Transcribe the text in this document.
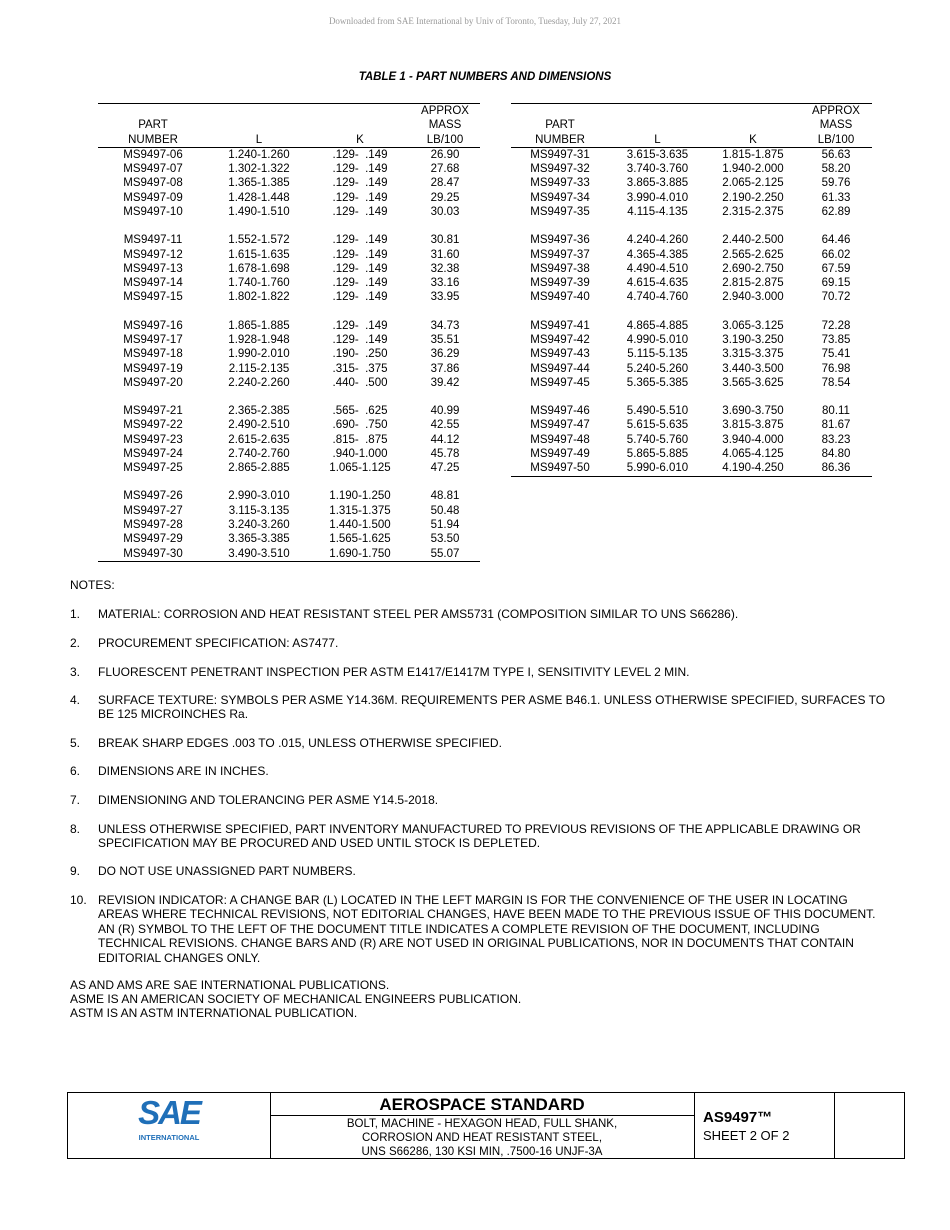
Downloaded from SAE International by Univ of Toronto, Tuesday, July 27, 2021
TABLE 1 - PART NUMBERS AND DIMENSIONS
			APPROX
PART			MASS
NUMBER	L	K	LB/100
MS9497-06	1.240-1.260	.129-  .149	26.90
MS9497-07	1.302-1.322	.129-  .149	27.68
MS9497-08	1.365-1.385	.129-  .149	28.47
MS9497-09	1.428-1.448	.129-  .149	29.25
MS9497-10	1.490-1.510	.129-  .149	30.03
MS9497-11	1.552-1.572	.129-  .149	30.81
MS9497-12	1.615-1.635	.129-  .149	31.60
MS9497-13	1.678-1.698	.129-  .149	32.38
MS9497-14	1.740-1.760	.129-  .149	33.16
MS9497-15	1.802-1.822	.129-  .149	33.95
MS9497-16	1.865-1.885	.129-  .149	34.73
MS9497-17	1.928-1.948	.129-  .149	35.51
MS9497-18	1.990-2.010	.190-  .250	36.29
MS9497-19	2.115-2.135	.315-  .375	37.86
MS9497-20	2.240-2.260	.440-  .500	39.42
MS9497-21	2.365-2.385	.565-  .625	40.99
MS9497-22	2.490-2.510	.690-  .750	42.55
MS9497-23	2.615-2.635	.815-  .875	44.12
MS9497-24	2.740-2.760	.940-1.000	45.78
MS9497-25	2.865-2.885	1.065-1.125	47.25
MS9497-26	2.990-3.010	1.190-1.250	48.81
MS9497-27	3.115-3.135	1.315-1.375	50.48
MS9497-28	3.240-3.260	1.440-1.500	51.94
MS9497-29	3.365-3.385	1.565-1.625	53.50
MS9497-30	3.490-3.510	1.690-1.750	55.07
			APPROX
PART			MASS
NUMBER	L	K	LB/100
MS9497-31	3.615-3.635	1.815-1.875	56.63
MS9497-32	3.740-3.760	1.940-2.000	58.20
MS9497-33	3.865-3.885	2.065-2.125	59.76
MS9497-34	3.990-4.010	2.190-2.250	61.33
MS9497-35	4.115-4.135	2.315-2.375	62.89
MS9497-36	4.240-4.260	2.440-2.500	64.46
MS9497-37	4.365-4.385	2.565-2.625	66.02
MS9497-38	4.490-4.510	2.690-2.750	67.59
MS9497-39	4.615-4.635	2.815-2.875	69.15
MS9497-40	4.740-4.760	2.940-3.000	70.72
MS9497-41	4.865-4.885	3.065-3.125	72.28
MS9497-42	4.990-5.010	3.190-3.250	73.85
MS9497-43	5.115-5.135	3.315-3.375	75.41
MS9497-44	5.240-5.260	3.440-3.500	76.98
MS9497-45	5.365-5.385	3.565-3.625	78.54
MS9497-46	5.490-5.510	3.690-3.750	80.11
MS9497-47	5.615-5.635	3.815-3.875	81.67
MS9497-48	5.740-5.760	3.940-4.000	83.23
MS9497-49	5.865-5.885	4.065-4.125	84.80
MS9497-50	5.990-6.010	4.190-4.250	86.36
NOTES:
1. MATERIAL: CORROSION AND HEAT RESISTANT STEEL PER AMS5731 (COMPOSITION SIMILAR TO UNS S66286).
2. PROCUREMENT SPECIFICATION: AS7477.
3. FLUORESCENT PENETRANT INSPECTION PER ASTM E1417/E1417M TYPE I, SENSITIVITY LEVEL 2 MIN.
4. SURFACE TEXTURE: SYMBOLS PER ASME Y14.36M. REQUIREMENTS PER ASME B46.1. UNLESS OTHERWISE SPECIFIED, SURFACES TO BE 125 MICROINCHES Ra.
5. BREAK SHARP EDGES .003 TO .015, UNLESS OTHERWISE SPECIFIED.
6. DIMENSIONS ARE IN INCHES.
7. DIMENSIONING AND TOLERANCING PER ASME Y14.5-2018.
8. UNLESS OTHERWISE SPECIFIED, PART INVENTORY MANUFACTURED TO PREVIOUS REVISIONS OF THE APPLICABLE DRAWING OR SPECIFICATION MAY BE PROCURED AND USED UNTIL STOCK IS DEPLETED.
9. DO NOT USE UNASSIGNED PART NUMBERS.
10. REVISION INDICATOR: A CHANGE BAR (L) LOCATED IN THE LEFT MARGIN IS FOR THE CONVENIENCE OF THE USER IN LOCATING AREAS WHERE TECHNICAL REVISIONS, NOT EDITORIAL CHANGES, HAVE BEEN MADE TO THE PREVIOUS ISSUE OF THIS DOCUMENT. AN (R) SYMBOL TO THE LEFT OF THE DOCUMENT TITLE INDICATES A COMPLETE REVISION OF THE DOCUMENT, INCLUDING TECHNICAL REVISIONS. CHANGE BARS AND (R) ARE NOT USED IN ORIGINAL PUBLICATIONS, NOR IN DOCUMENTS THAT CONTAIN EDITORIAL CHANGES ONLY.
AS AND AMS ARE SAE INTERNATIONAL PUBLICATIONS.
ASME IS AN AMERICAN SOCIETY OF MECHANICAL ENGINEERS PUBLICATION.
ASTM IS AN ASTM INTERNATIONAL PUBLICATION.
SAE
INTERNATIONAL
AEROSPACE STANDARD
BOLT, MACHINE - HEXAGON HEAD, FULL SHANK,
CORROSION AND HEAT RESISTANT STEEL,
UNS S66286, 130 KSI MIN, .7500-16 UNJF-3A
AS9497™
SHEET 2 OF 2
